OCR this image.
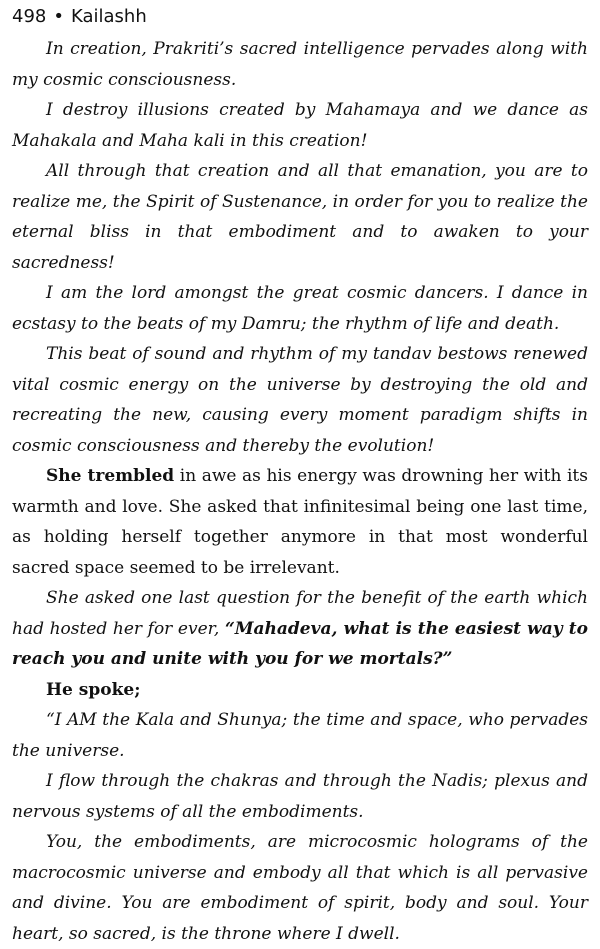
498 • Kailashh

In creation, Prakriti’s sacred intelligence pervades along with my cosmic consciousness.

I destroy illusions created by Mahamaya and we dance as Mahakala and Maha kali in this creation!

All through that creation and all that emanation, you are to realize me, the Spirit of Sustenance, in order for you to realize the eternal bliss in that embodiment and to awaken to your sacredness!

I am the lord amongst the great cosmic dancers. I dance in ecstasy to the beats of my Damru; the rhythm of life and death.

This beat of sound and rhythm of my tandav bestows renewed vital cosmic energy on the universe by destroying the old and recreating the new, causing every moment paradigm shifts in cosmic consciousness and thereby the evolution!

She trembled in awe as his energy was drowning her with its warmth and love. She asked that infinitesimal being one last time, as holding herself together anymore in that most wonderful sacred space seemed to be irrelevant.

She asked one last question for the benefit of the earth which had hosted her for ever, “Mahadeva, what is the easiest way to reach you and unite with you for we mortals?”

He spoke;

“I AM the Kala and Shunya; the time and space, who pervades the universe.

I flow through the chakras and through the Nadis; plexus and nervous systems of all the embodiments.

You, the embodiments, are microcosmic holograms of the macrocosmic universe and embody all that which is all pervasive and divine. You are embodiment of spirit, body and soul. Your heart, so sacred, is the throne where I dwell.
